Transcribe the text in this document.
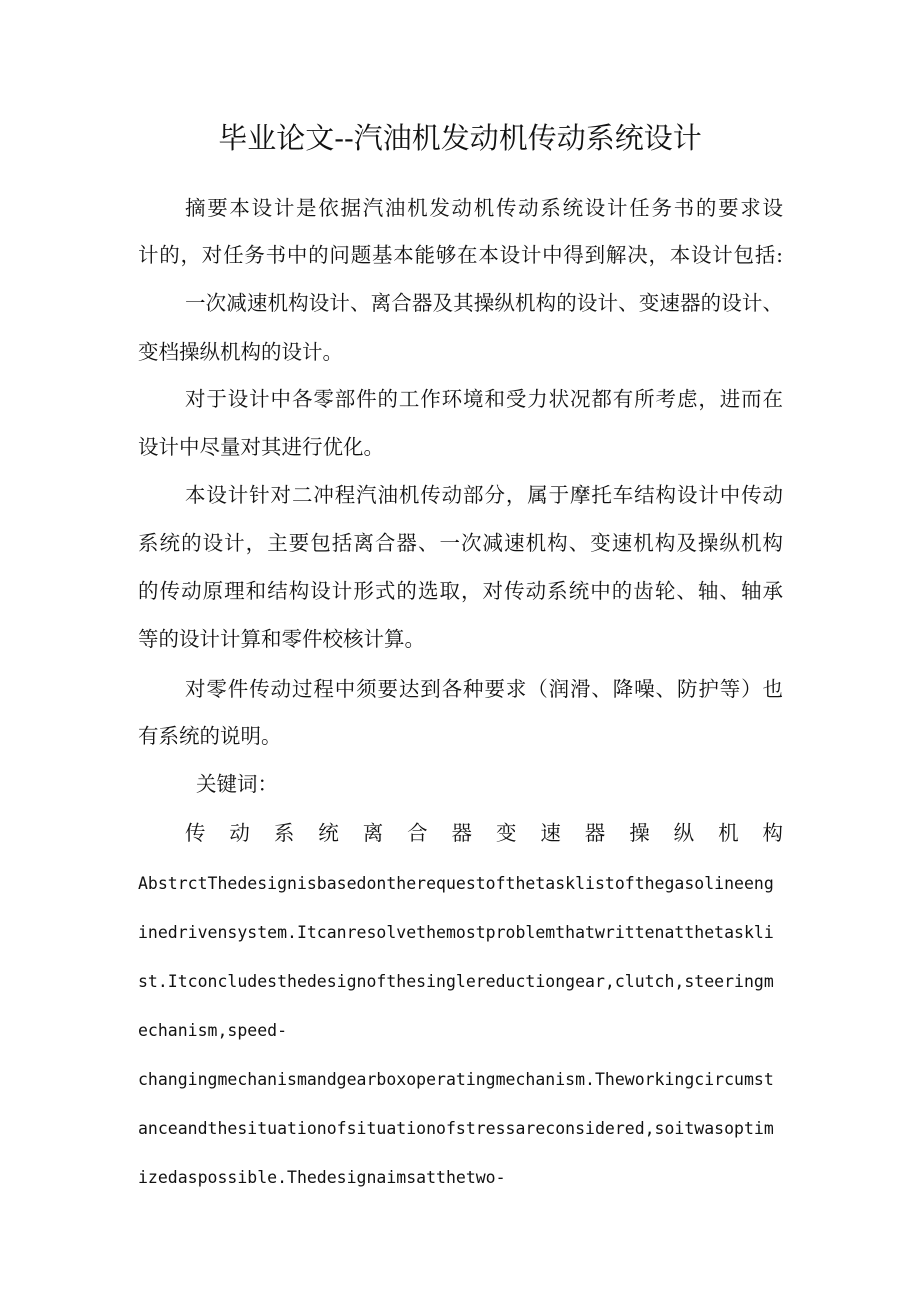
毕业论文--汽油机发动机传动系统设计

摘要本设计是依据汽油机发动机传动系统设计任务书的要求设

计的，对任务书中的问题基本能够在本设计中得到解决，本设计包括:

一次减速机构设计、离合器及其操纵机构的设计、变速器的设计、

变档操纵机构的设计。

对于设计中各零部件的工作环境和受力状况都有所考虑，进而在

设计中尽量对其进行优化。

本设计针对二冲程汽油机传动部分，属于摩托车结构设计中传动

系统的设计，主要包括离合器、一次减速机构、变速机构及操纵机构

的传动原理和结构设计形式的选取，对传动系统中的齿轮、轴、轴承

等的设计计算和零件校核计算。

对零件传动过程中须要达到各种要求（润滑、降噪、防护等）也

有系统的说明。

关键词：

传 动 系 统 离 合 器 变 速 器 操 纵 机 构

AbstrctThedesignisbasedontherequestofthetasklistofthegasolineeng

inedrivensystem.Itcanresolvethemostproblemthatwrittenatthetaskli

st.Itconcludesthedesignofthesinglereductiongear,clutch,steeringm

echanism,speed-

changingmechanismandgearboxoperatingmechanism.Theworkingcircumst

anceandthesituationofsituationofstressareconsidered,soitwasoptim

izedaspossible.Thedesignaimsatthetwo-
